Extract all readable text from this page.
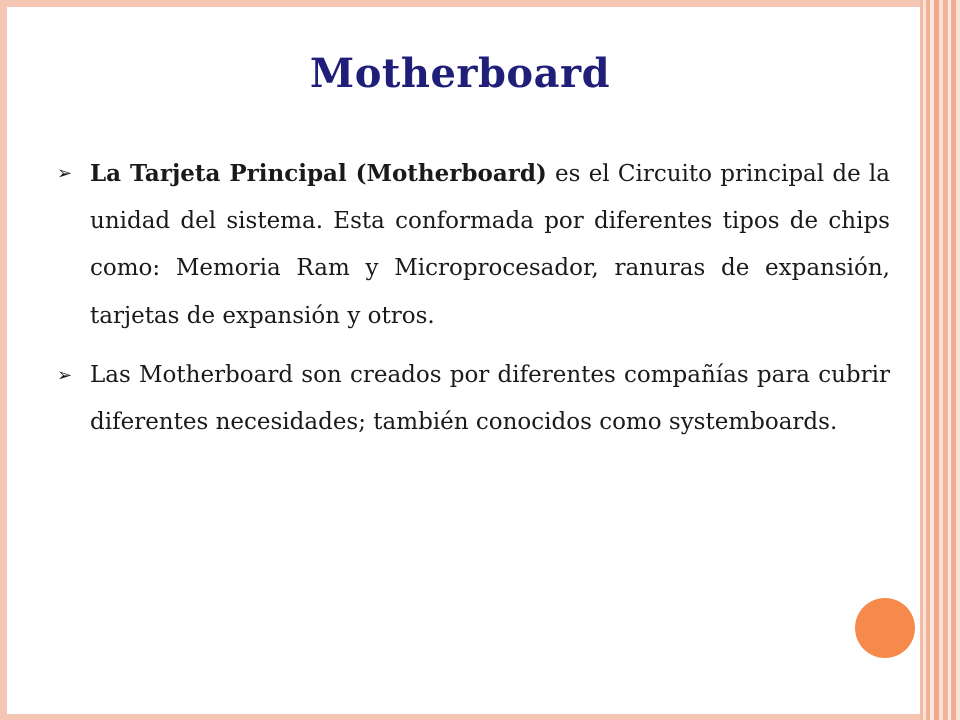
Motherboard
➢ La Tarjeta Principal (Motherboard) es el Circuito principal de la unidad del sistema. Esta conformada por diferentes tipos de chips como: Memoria Ram y Microprocesador, ranuras de expansión, tarjetas de expansión y otros.
➢ Las Motherboard son creados por diferentes compañías para cubrir diferentes necesidades; también conocidos como systemboards.
